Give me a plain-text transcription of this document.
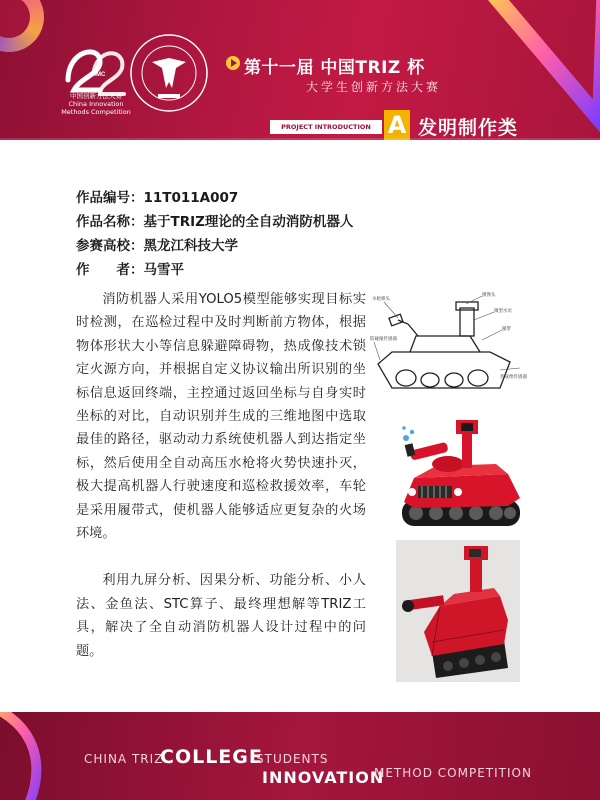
CIMC
中国创新方法大赛
China Innovation
Methods Competition
第十一届 中国TRIZ 杯
大学生创新方法大赛
PROJECT INTRODUCTION A 发明制作类
作品编号：11T011A007
作品名称：基于TRIZ理论的全自动消防机器人
参赛高校：黑龙江科技大学
作　　者：马雪平

消防机器人采用YOLO5模型能够实现目标实时检测，在巡检过程中及时判断前方物体，根据物体形状大小等信息躲避障碍物，热成像技术锁定火源方向，并根据自定义协议输出所识别的坐标信息返回终端，主控通过返回坐标与自身实时坐标的对比，自动识别并生成的三维地图中选取最佳的路径，驱动动力系统使机器人到达指定坐标，然后使用全自动高压水枪将火势快速扑灭，极大提高机器人行驶速度和巡检救援效率，车轮是采用履带式，使机器人能够适应更复杂的火场环境。

利用九屏分析、因果分析、功能分析、小人法、金鱼法、STC算子、最终理想解等TRIZ工具，解决了全自动消防机器人设计过程中的问题。

水枪喷头
摄像头
微型水泵
履带
防碰撞传感器
热成像传感器
CHINA TRIZ
COLLEGE
STUDENTS
INNOVATION
METHOD COMPETITION
